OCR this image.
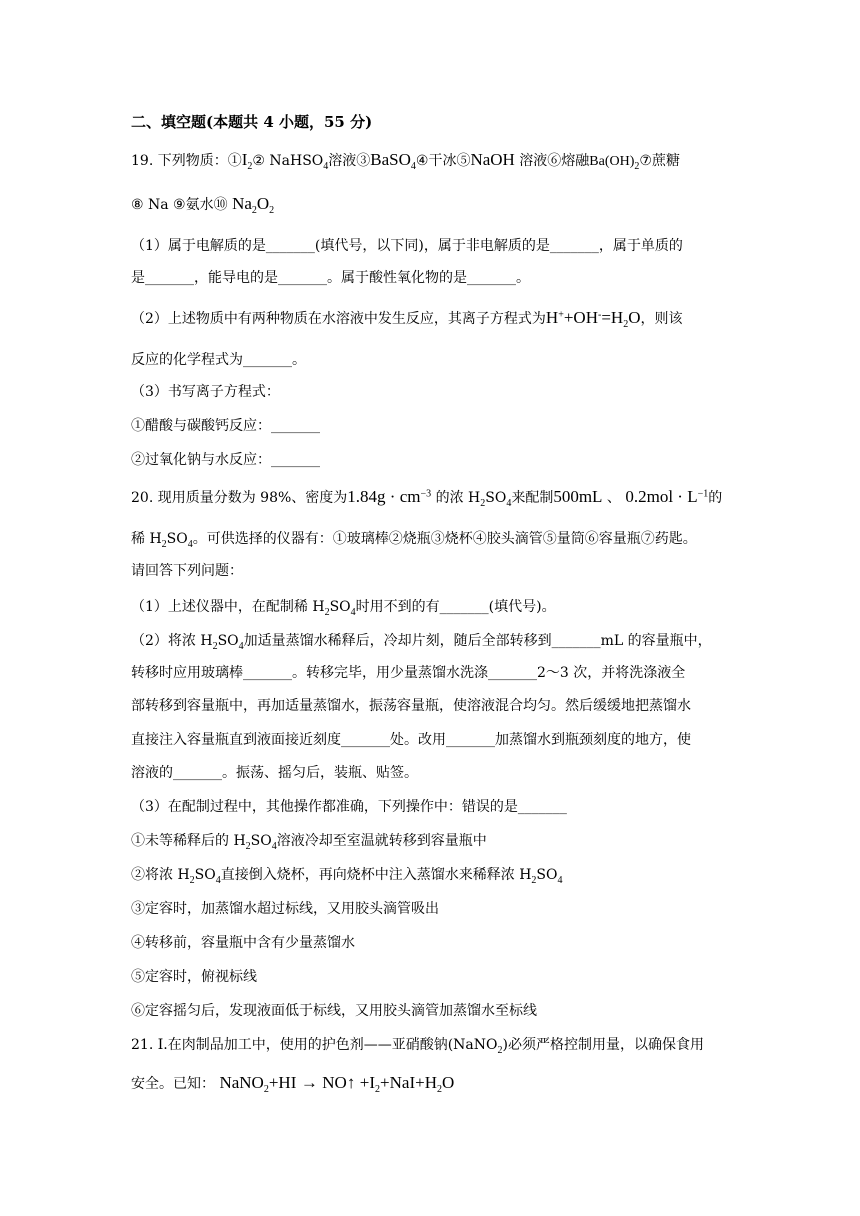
二、填空题(本题共 4 小题，55 分)
19. 下列物质：$①I_2②$ NaHSO$_4$溶液③BaSO$_4$④干冰⑤NaOH 溶液⑥熔融$Ba(OH)_2⑦$蔗糖
⑧ Na ⑨氨水⑩ $Na_2O_2$
（1）属于电解质的是_______(填代号，以下同)，属于非电解质的是_______，属于单质的
是_______，能导电的是_______。属于酸性氧化物的是_______。
（2）上述物质中有两种物质在水溶液中发生反应，其离子方程式为$H^++OH^-=H_2O$，则该
反应的化学程式为_______。
（3）书写离子方程式：
①醋酸与碳酸钙反应：_______
②过氧化钠与水反应：_______
20. 现用质量分数为 98%、密度为$1.84g \cdot cm^{-3}$ 的浓 $H_2SO_4$来配制500mL 、 $0.2mol \cdot L^{-1}$的
稀 $H_2SO_4$。可供选择的仪器有：①玻璃棒②烧瓶③烧杯④胶头滴管⑤量筒⑥容量瓶⑦药匙。
请回答下列问题：
（1）上述仪器中，在配制稀 $H_2SO_4$时用不到的有_______(填代号)。
（2）将浓 $H_2SO_4$加适量蒸馏水稀释后，冷却片刻，随后全部转移到_______mL 的容量瓶中，
转移时应用玻璃棒_______。转移完毕，用少量蒸馏水洗涤_______2～3 次，并将洗涤液全
部转移到容量瓶中，再加适量蒸馏水，振荡容量瓶，使溶液混合均匀。然后缓缓地把蒸馏水
直接注入容量瓶直到液面接近刻度_______处。改用_______加蒸馏水到瓶颈刻度的地方，使
溶液的_______。振荡、摇匀后，装瓶、贴签。
（3）在配制过程中，其他操作都准确，下列操作中：错误的是_______
①未等稀释后的 $H_2SO_4$溶液冷却至室温就转移到容量瓶中
②将浓 $H_2SO_4$直接倒入烧杯，再向烧杯中注入蒸馏水来稀释浓 $H_2SO_4$
③定容时，加蒸馏水超过标线，又用胶头滴管吸出
④转移前，容量瓶中含有少量蒸馏水
⑤定容时，俯视标线
⑥定容摇匀后，发现液面低于标线，又用胶头滴管加蒸馏水至标线
21. I.在肉制品加工中，使用的护色剂——亚硝酸钠(NaNO$_2$)必须严格控制用量，以确保食用
安全。已知： NaNO$_2$+HI → NO↑ $+I_2+NaI+H_2O$
